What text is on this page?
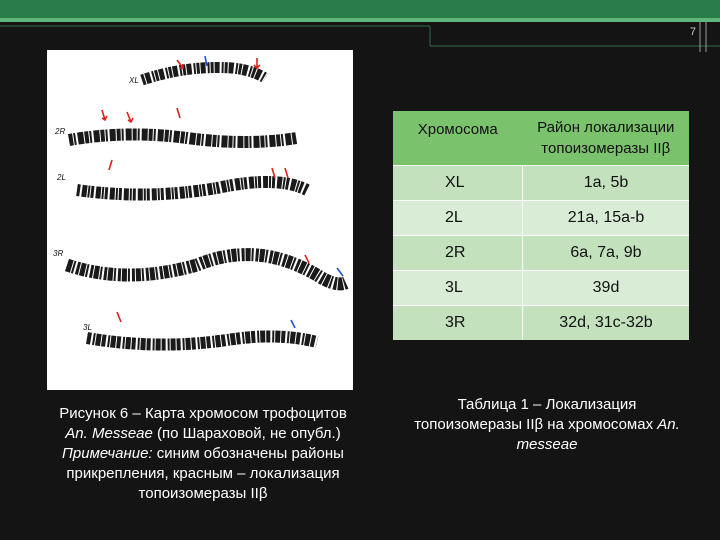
7
XL
2R
2L
3R
3L
Рисунок 6 – Карта хромосом трофоцитов
An. Messeae (по Шараховой, не опубл.)
Примечание: синим обозначены районы прикрепления, красным – локализация топоизомеразы IIβ
Хромосома	Район локализации топоизомеразы IIβ
XL	1a, 5b
2L	21a, 15a-b
2R	6a, 7a, 9b
3L	39d
3R	32d, 31c-32b
Таблица 1 – Локализация топоизомеразы IIβ на хромосомах An. messeae
